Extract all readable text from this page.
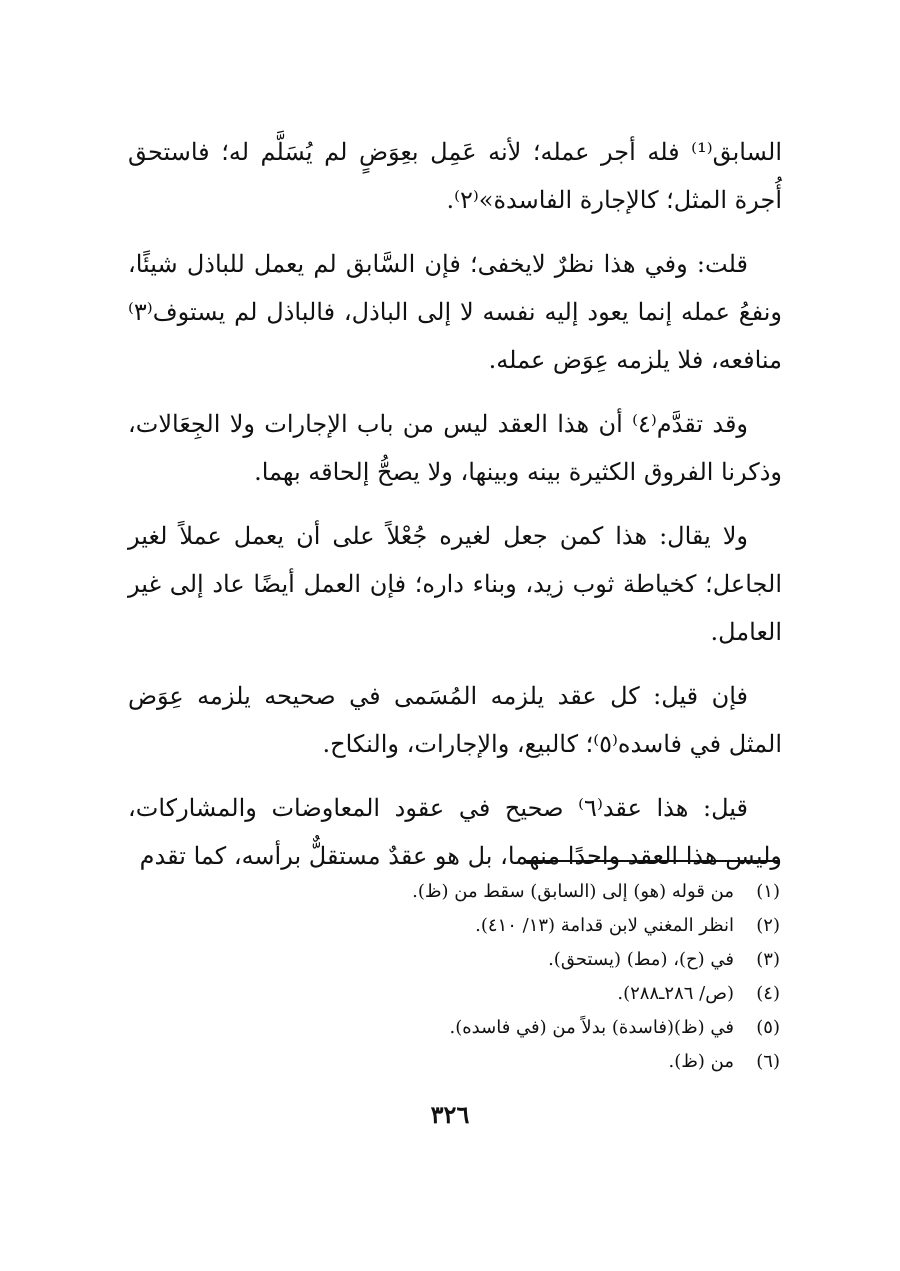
السابق⁽¹⁾ فله أجر عمله؛ لأنه عَمِل بعِوَضٍ لم يُسَلَّم له؛ فاستحق أُجرة المثل؛ كالإجارة الفاسدة»⁽٢⁾.

قلت: وفي هذا نظرٌ لايخفى؛ فإن السَّابق لم يعمل للباذل شيئًا، ونفعُ عمله إنما يعود إليه نفسه لا إلى الباذل، فالباذل لم يستوف⁽٣⁾ منافعه، فلا يلزمه عِوَض عمله.

وقد تقدَّم⁽٤⁾ أن هذا العقد ليس من باب الإجارات ولا الجِعَالات، وذكرنا الفروق الكثيرة بينه وبينها، ولا يصحُّ إلحاقه بهما.

ولا يقال: هذا كمن جعل لغيره جُعْلاً على أن يعمل عملاً لغير الجاعل؛ كخياطة ثوب زيد، وبناء داره؛ فإن العمل أيضًا عاد إلى غير العامل.

فإن قيل: كل عقد يلزمه المُسَمى في صحيحه يلزمه عِوَض المثل في فاسده⁽٥⁾؛ كالبيع، والإجارات، والنكاح.

قيل: هذا عقد⁽٦⁾ صحيح في عقود المعاوضات والمشاركات، وليس هذا العقد واحدًا منهما، بل هو عقدٌ مستقلٌّ برأسه، كما تقدم

(١)من قوله (هو) إلى (السابق) سقط من (ظ).
(٢)انظر المغني لابن قدامة (١٣/ ٤١٠).
(٣)في (ح)، (مط) (يستحق).
(٤)(ص/ ٢٨٦ـ٢٨٨).
(٥)في (ظ)(فاسدة) بدلاً من (في فاسده).
(٦)من (ظ).
٣٢٦
